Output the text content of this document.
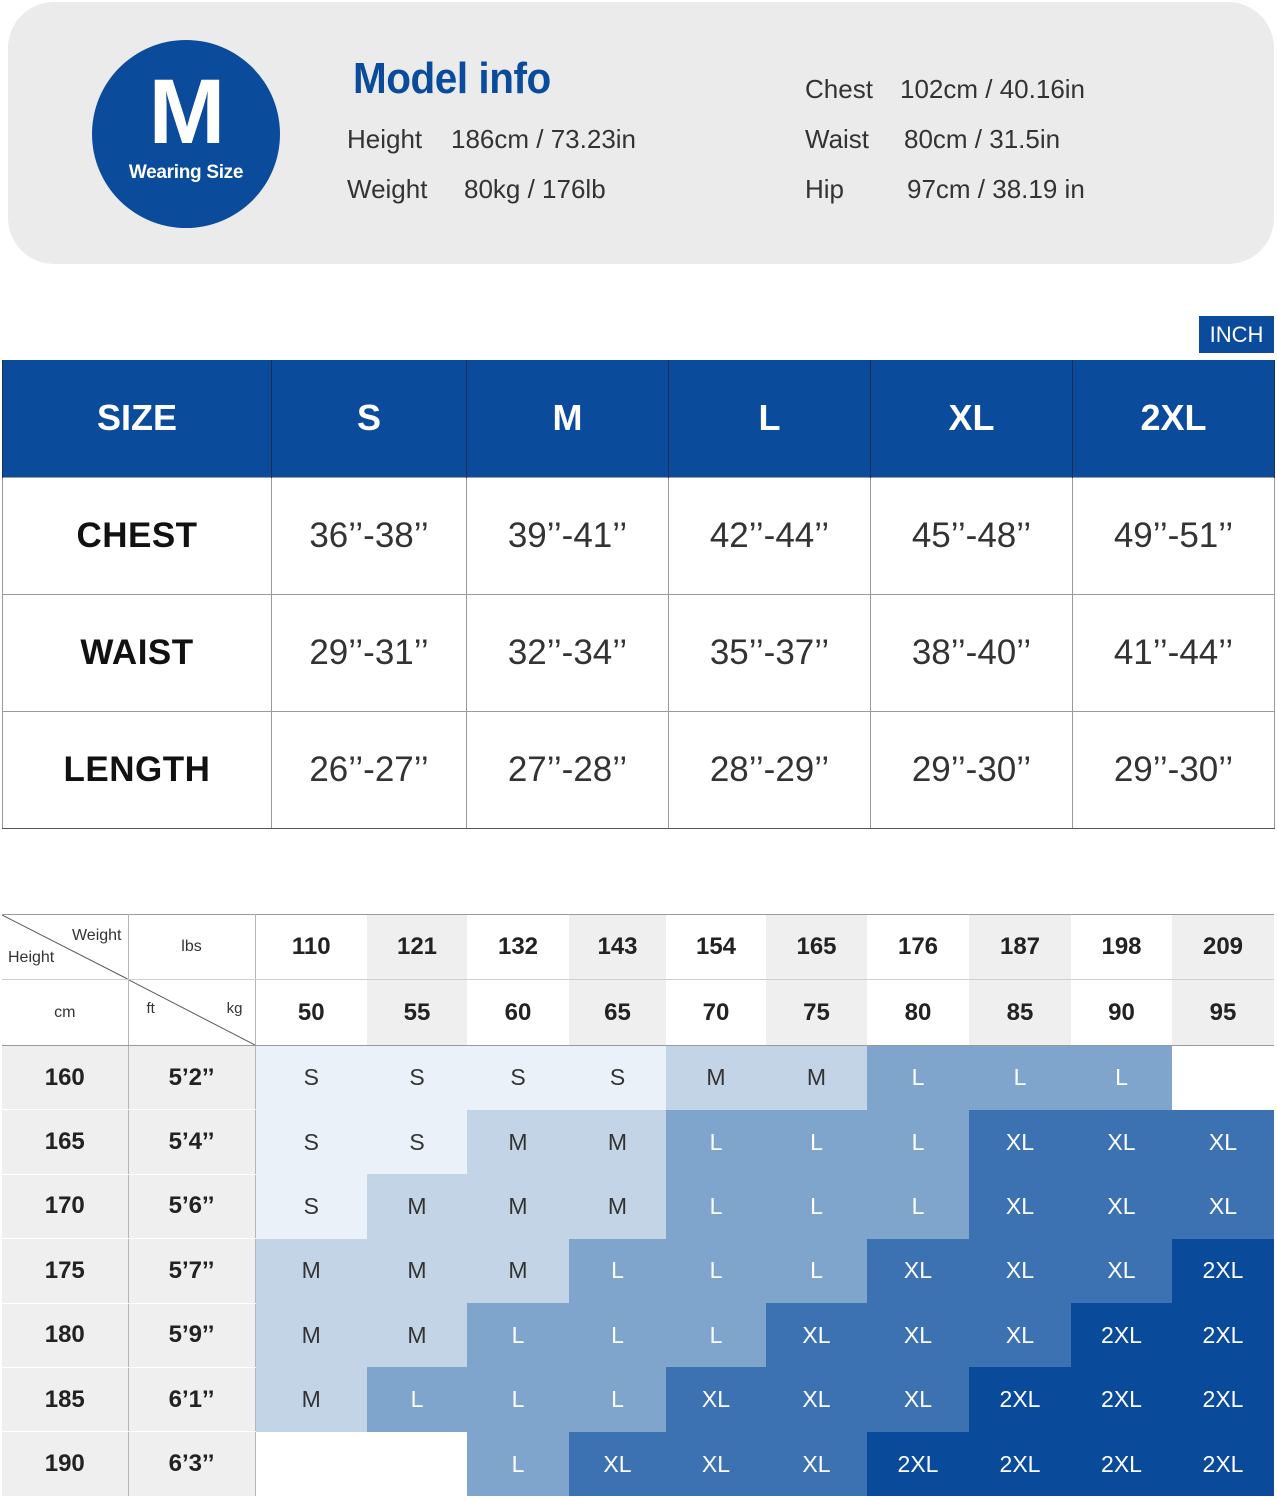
M
Wearing Size
Model info
Height 186cm / 73.23in
Weight 80kg / 176lb
Chest 102cm / 40.16in
Waist 80cm / 31.5in
Hip 97cm / 38.19 in
INCH
SIZE	S	M	L	XL	2XL
CHEST	36’’-38’’	39’’-41’’	42’’-44’’	45’’-48’’	49’’-51’’
WAIST	29’’-31’’	32’’-34’’	35’’-37’’	38’’-40’’	41’’-44’’
LENGTH	26’’-27’’	27’’-28’’	28’’-29’’	29’’-30’’	29’’-30’’
Weight
Height	lbs	110	121	132	143	154	165	176	187	198	209
cm	ft kg	50	55	60	65	70	75	80	85	90	95
160	5’2’’	S	S	S	S	M	M	L	L	L	
165	5’4’’	S	S	M	M	L	L	L	XL	XL	XL
170	5’6’’	S	M	M	M	L	L	L	XL	XL	XL
175	5’7’’	M	M	M	L	L	L	XL	XL	XL	2XL
180	5’9’’	M	M	L	L	L	XL	XL	XL	2XL	2XL
185	6’1’’	M	L	L	L	XL	XL	XL	2XL	2XL	2XL
190	6’3’’			L	XL	XL	XL	2XL	2XL	2XL	2XL
